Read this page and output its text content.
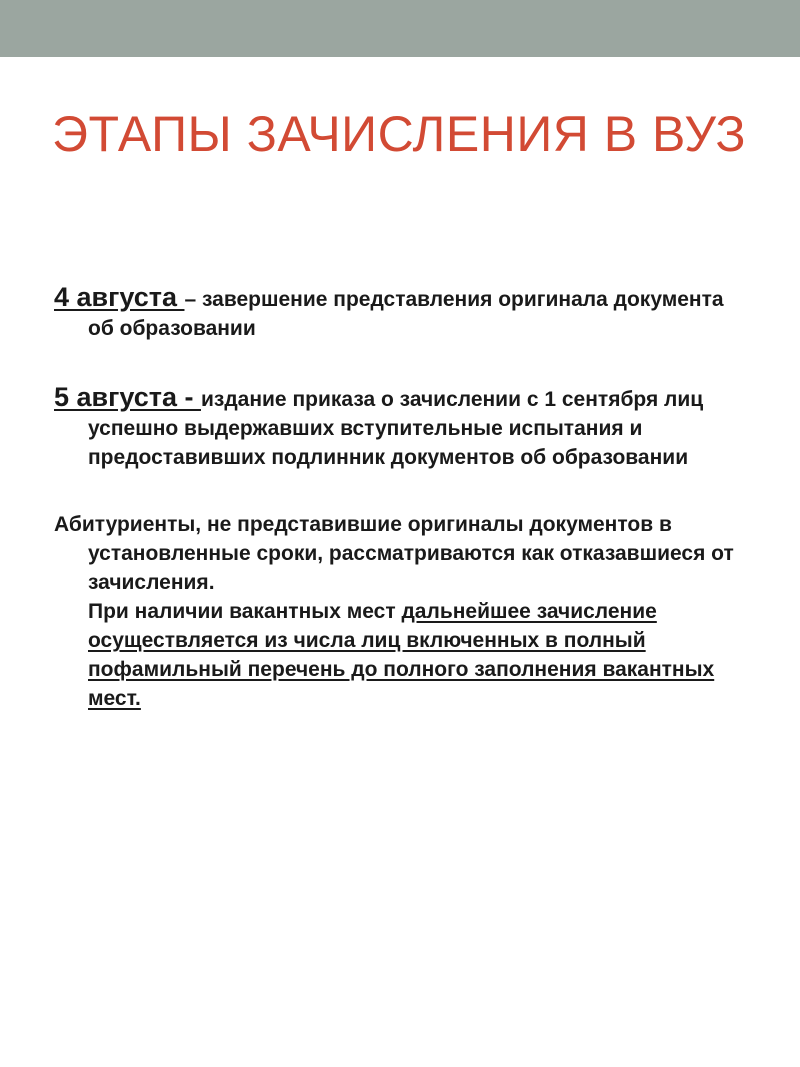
ЭТАПЫ ЗАЧИСЛЕНИЯ В ВУЗ

4 августа – завершение представления оригинала документа об образовании

5 августа - издание приказа о зачислении с 1 сентября лиц успешно выдержавших вступительные испытания и предоставивших подлинник документов об образовании

Абитуриенты, не представившие оригиналы документов в установленные сроки, рассматриваются как отказавшиеся от зачисления.

При наличии вакантных мест дальнейшее зачисление осуществляется из числа лиц включенных в полный пофамильный перечень до полного заполнения вакантных мест.
